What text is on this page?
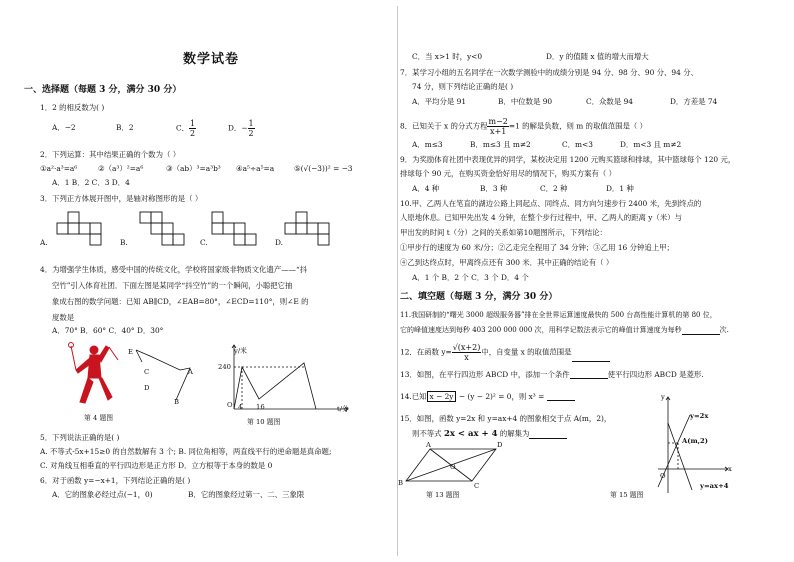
数学试卷
一、选择题（每题 3 分，满分 30 分）
1．2 的相反数为( )
A．−2	B．2	C． $\frac{1}{2}$	D．− $\frac{1}{2}$
2．下列运算：其中结果正确的个数为（ ）
①a²·a³=a⁶	②（a³）²=a⁶	③（ab）³=a³b³ ④a⁵÷a⁵=a	⑤(√(−3))² = −3
A．1 B．2 C．3 D．4
3．下列正方体展开图中，是轴对称图形的是（ ）
A.	B.	C.	D.
4．为增强学生体质，感受中国的传统文化，学校将国家级非物质文化遗产——“抖
空竹”引入体育社团．下面左图是某同学“抖空竹”的一个瞬间，小聪把它抽
象成右图的数学问题：已知 AB∥CD，∠EAB=80°，∠ECD=110°，则∠E 的
度数是
A．70° B．60° C．40° D．30°
第 4 题图
C
D
E
A
B
y/米
240
O 4 16	t/分
第 10 题图
5．下列说法正确的是( )
A. 不等式-5x+15≥0 的自然数解有 3 个; B. 同位角相等，两直线平行的逆命题是真命题;
C. 对角线互相垂直的平行四边形是正方形 D．立方根等于本身的数是 0
6．对于函数 y=−x+1，下列结论正确的是( )
A．它的图象必经过点(−1，0)	B．它的图象经过第一、二、三象限
C．当 x>1 时，y<0	D．y 的值随 x 值的增大而增大
7．某学习小组的五名同学在一次数学测验中的成绩分别是 94 分、98 分、90 分、94 分、
74 分，则下列结论正确的是( )
A．平均分是 91	B．中位数是 90	C．众数是 94	D．方差是 74
8．已知关于 x 的分式方程 $\frac{m-2}{x+1} =1$ 的解是负数，则 m 的取值范围是（ ）
A．m≤3	B．m≤3 且 m≠2	C．m<3	D．m<3 且 m≠2
9．为奖励体育社团中表现优异的同学，某校决定用 1200 元购买篮球和排球，其中篮球每个 120 元，
排球每个 90 元，在购买资金恰好用尽的情况下，购买方案有（ ）
A．4 种	B．3 种	C．2 种	D．1 种
10.甲、乙两人在笔直的湖边公路上同起点、同终点、同方向匀速步行 2400 米，先到终点的
人原地休息。已知甲先出发 4 分钟，在整个步行过程中，甲、乙两人的距离 y（米）与
甲出发的时间 t（分）之间的关系如第10题图所示，下列结论：
①甲步行的速度为 60 米/分；②乙走完全程用了 34 分钟；③乙用 16 分钟追上甲；
④乙到达终点时，甲离终点还有 300 米．其中正确的结论有（ ）
A．1 个 B．2 个 C．3 个 D．4 个
二、填空题（每题 3 分，满分 30 分）
11.我国研制的“曙光 3000 超级服务器”排在全世界运算速度最快的 500 台高性能计算机的第 80 位，
它的峰值速度达到每秒 403 200 000 000 次，用科学记数法表示它的峰值计算速度为每秒	次.
12．在函数 $y= \frac{√(x+2)}{x}$ 中，自变量 x 的取值范围是
13．如图，在平行四边形 ABCD 中，添加一个条件	使平行四边形 ABCD 是菱形.
14.已知 x − 2y − (y − 2)² = 0，则 x³ =
15．如图，函数 y=2x 和 y=ax+4 的图象相交于点 A(m，2)，
则不等式 2x < ax + 4 的解集为
A	D
O
B	C
第 13 题图	第 15 题图
y
x
O
y=2x
A(m,2)
y=ax+4
